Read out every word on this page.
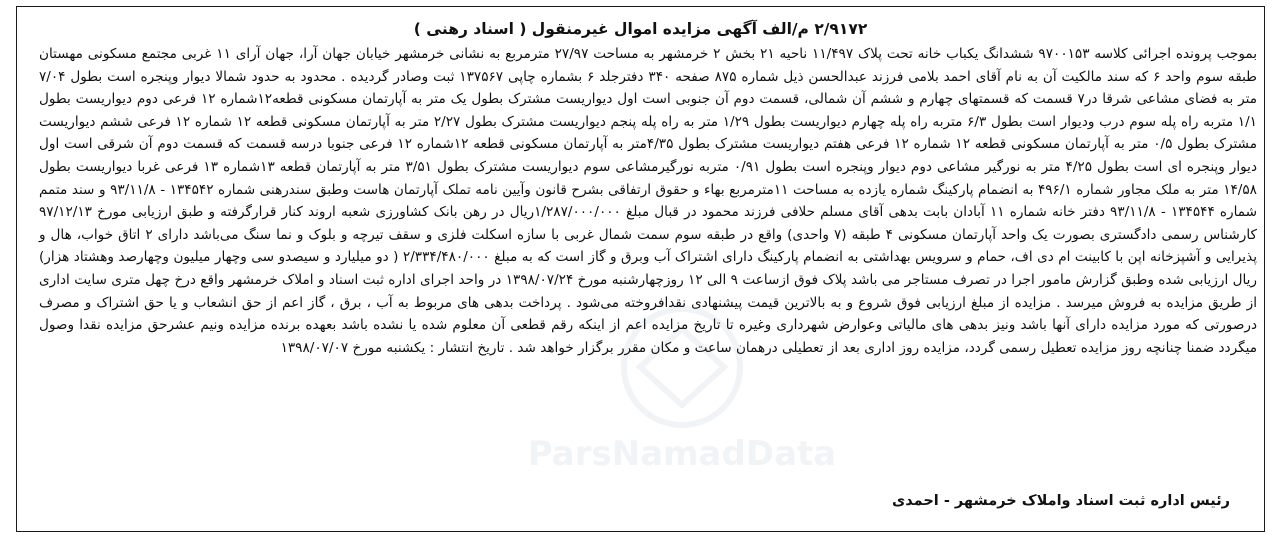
۲/۹۱۷۲ م/الف آگهی مزایده اموال غیرمنقول ( اسناد رهنی )
بموجب پرونده اجرائی کلاسه ۹۷۰۰۱۵۳ ششدانگ یکباب خانه تحت پلاک ۱۱/۴۹۷ ناحیه ۲۱ بخش ۲ خرمشهر به مساحت ۲۷/۹۷ مترمربع به نشانی خرمشهر خیابان جهان آرا، جهان آرای ۱۱ غربی مجتمع مسکونی مهستان طبقه سوم واحد ۶ که سند مالکیت آن به نام آقای احمد بلامی فرزند عبدالحسن ذیل شماره ۸۷۵ صفحه ۳۴۰ دفترجلد ۶ بشماره چاپی ۱۳۷۵۶۷ ثبت وصادر گردیده . محدود به حدود شمالا دیوار وپنجره است بطول ۷/۰۴ متر به فضای مشاعی شرقا در۷ قسمت که قسمتهای چهارم و ششم آن شمالی، قسمت دوم آن جنوبی است اول دیواریست مشترک بطول یک متر به آپارتمان مسکونی قطعه۱۲شماره ۱۲ فرعی دوم دیواریست بطول ۱/۱ متربه راه پله سوم درب ودیوار است بطول ۶/۳ متربه راه پله چهارم دیواریست بطول ۱/۲۹ متر به راه پله پنجم دیواریست مشترک بطول ۲/۲۷ متر به آپارتمان مسکونی قطعه ۱۲ شماره ۱۲ فرعی ششم دیواریست مشترک بطول ۰/۵ متر به آپارتمان مسکونی قطعه ۱۲ شماره ۱۲ فرعی هفتم دیواریست مشترک بطول ۴/۳۵متر به آپارتمان مسکونی قطعه ۱۲شماره ۱۲ فرعی جنوبا درسه قسمت که قسمت دوم آن شرقی است اول دیوار وپنجره ای است بطول ۴/۲۵ متر به نورگیر مشاعی دوم دیوار وپنجره است بطول ۰/۹۱ متربه نورگیرمشاعی سوم دیواریست مشترک بطول ۳/۵۱ متر به آپارتمان قطعه ۱۳شماره ۱۳ فرعی غربا دیواریست بطول ۱۴/۵۸ متر به ملک مجاور شماره ۴۹۶/۱ به انضمام پارکینگ شماره یازده به مساحت ۱۱مترمربع بهاء و حقوق ارتفاقی بشرح قانون وآیین نامه تملک آپارتمان هاست وطبق سندرهنی شماره ۱۳۴۵۴۲ - ۹۳/۱۱/۸ و سند متمم شماره ۱۳۴۵۴۴ - ۹۳/۱۱/۸ دفتر خانه شماره ۱۱ آبادان بابت بدهی آقای مسلم حلافی فرزند محمود در قبال مبلغ ۱/۲۸۷/۰۰۰/۰۰۰ریال در رهن بانک کشاورزی شعبه اروند کنار قرارگرفته و طبق ارزیابی مورخ ۹۷/۱۲/۱۳ کارشناس رسمی دادگستری بصورت یک واحد آپارتمان مسکونی ۴ طبقه (۷ واحدی) واقع در طبقه سوم سمت شمال غربی با سازه اسکلت فلزی و سقف تیرچه و بلوک و نما سنگ می‌باشد دارای ۲ اتاق خواب، هال و پذیرایی و آشپزخانه اپن با کابینت ام دی اف، حمام و سرویس بهداشتی به انضمام پارکینگ دارای اشتراک آب وبرق و گاز است که به مبلغ ۲/۳۳۴/۴۸۰/۰۰۰ ( دو میلیارد و سیصدو سی وچهار میلیون وچهارصد وهشتاد هزار) ریال ارزیابی شده وطبق گزارش مامور اجرا در تصرف مستاجر می باشد پلاک فوق ازساعت ۹ الی ۱۲ روزچهارشنبه مورخ ۱۳۹۸/۰۷/۲۴ در واحد اجرای اداره ثبت اسناد و املاک خرمشهر واقع درخ چهل متری سایت اداری از طریق مزایده به فروش میرسد . مزایده از مبلغ ارزیابی فوق شروع و به بالاترین قیمت پیشنهادی نقدافروخته می‌شود . پرداخت بدهی های مربوط به آب ، برق ، گاز اعم از حق انشعاب و یا حق اشتراک و مصرف درصورتی که مورد مزایده دارای آنها باشد ونیز بدهی های مالیاتی وعوارض شهرداری وغیره تا تاریخ مزایده اعم از اینکه رقم قطعی آن معلوم شده یا نشده باشد بعهده برنده مزایده ونیم عشرحق مزایده نقدا وصول میگردد ضمنا چنانچه روز مزایده تعطیل رسمی گردد، مزایده روز اداری بعد از تعطیلی درهمان ساعت و مکان مقرر برگزار خواهد شد . تاریخ انتشار : یکشنبه مورخ ۱۳۹۸/۰۷/۰۷
ParsNamadData
رئیس اداره ثبت اسناد واملاک خرمشهر - احمدی
